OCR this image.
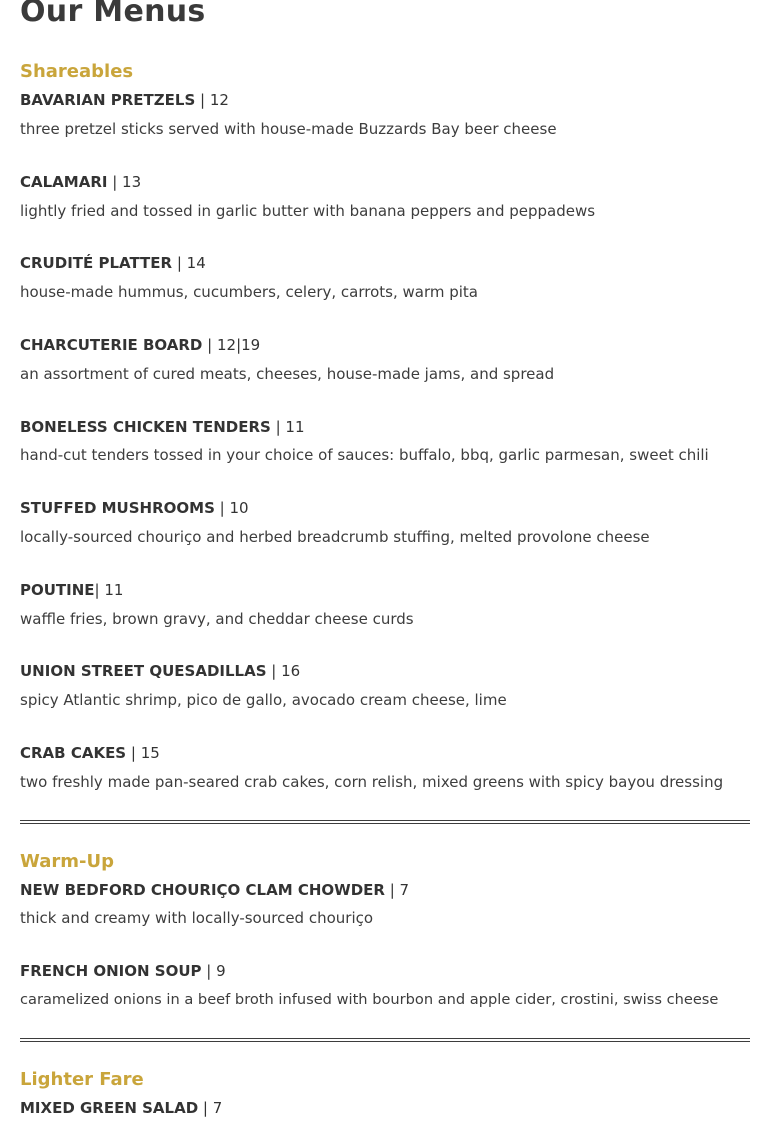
Our Menus
Shareables

BAVARIAN PRETZELS | 12

three pretzel sticks served with house-made Buzzards Bay beer cheese

CALAMARI | 13

lightly fried and tossed in garlic butter with banana peppers and peppadews

CRUDITÉ PLATTER | 14

house-made hummus, cucumbers, celery, carrots, warm pita

CHARCUTERIE BOARD | 12|19

an assortment of cured meats, cheeses, house-made jams, and spread

BONELESS CHICKEN TENDERS | 11

hand-cut tenders tossed in your choice of sauces: buffalo, bbq, garlic parmesan, sweet chili

STUFFED MUSHROOMS | 10

locally-sourced chouriço and herbed breadcrumb stuffing, melted provolone cheese

POUTINE| 11

waffle fries, brown gravy, and cheddar cheese curds

UNION STREET QUESADILLAS | 16

spicy Atlantic shrimp, pico de gallo, avocado cream cheese, lime

CRAB CAKES | 15

two freshly made pan-seared crab cakes, corn relish, mixed greens with spicy bayou dressing

Warm-Up

NEW BEDFORD CHOURIÇO CLAM CHOWDER | 7

thick and creamy with locally-sourced chouriço

FRENCH ONION SOUP | 9

caramelized onions in a beef broth infused with bourbon and apple cider, crostini, swiss cheese

Lighter Fare

MIXED GREEN SALAD | 7
